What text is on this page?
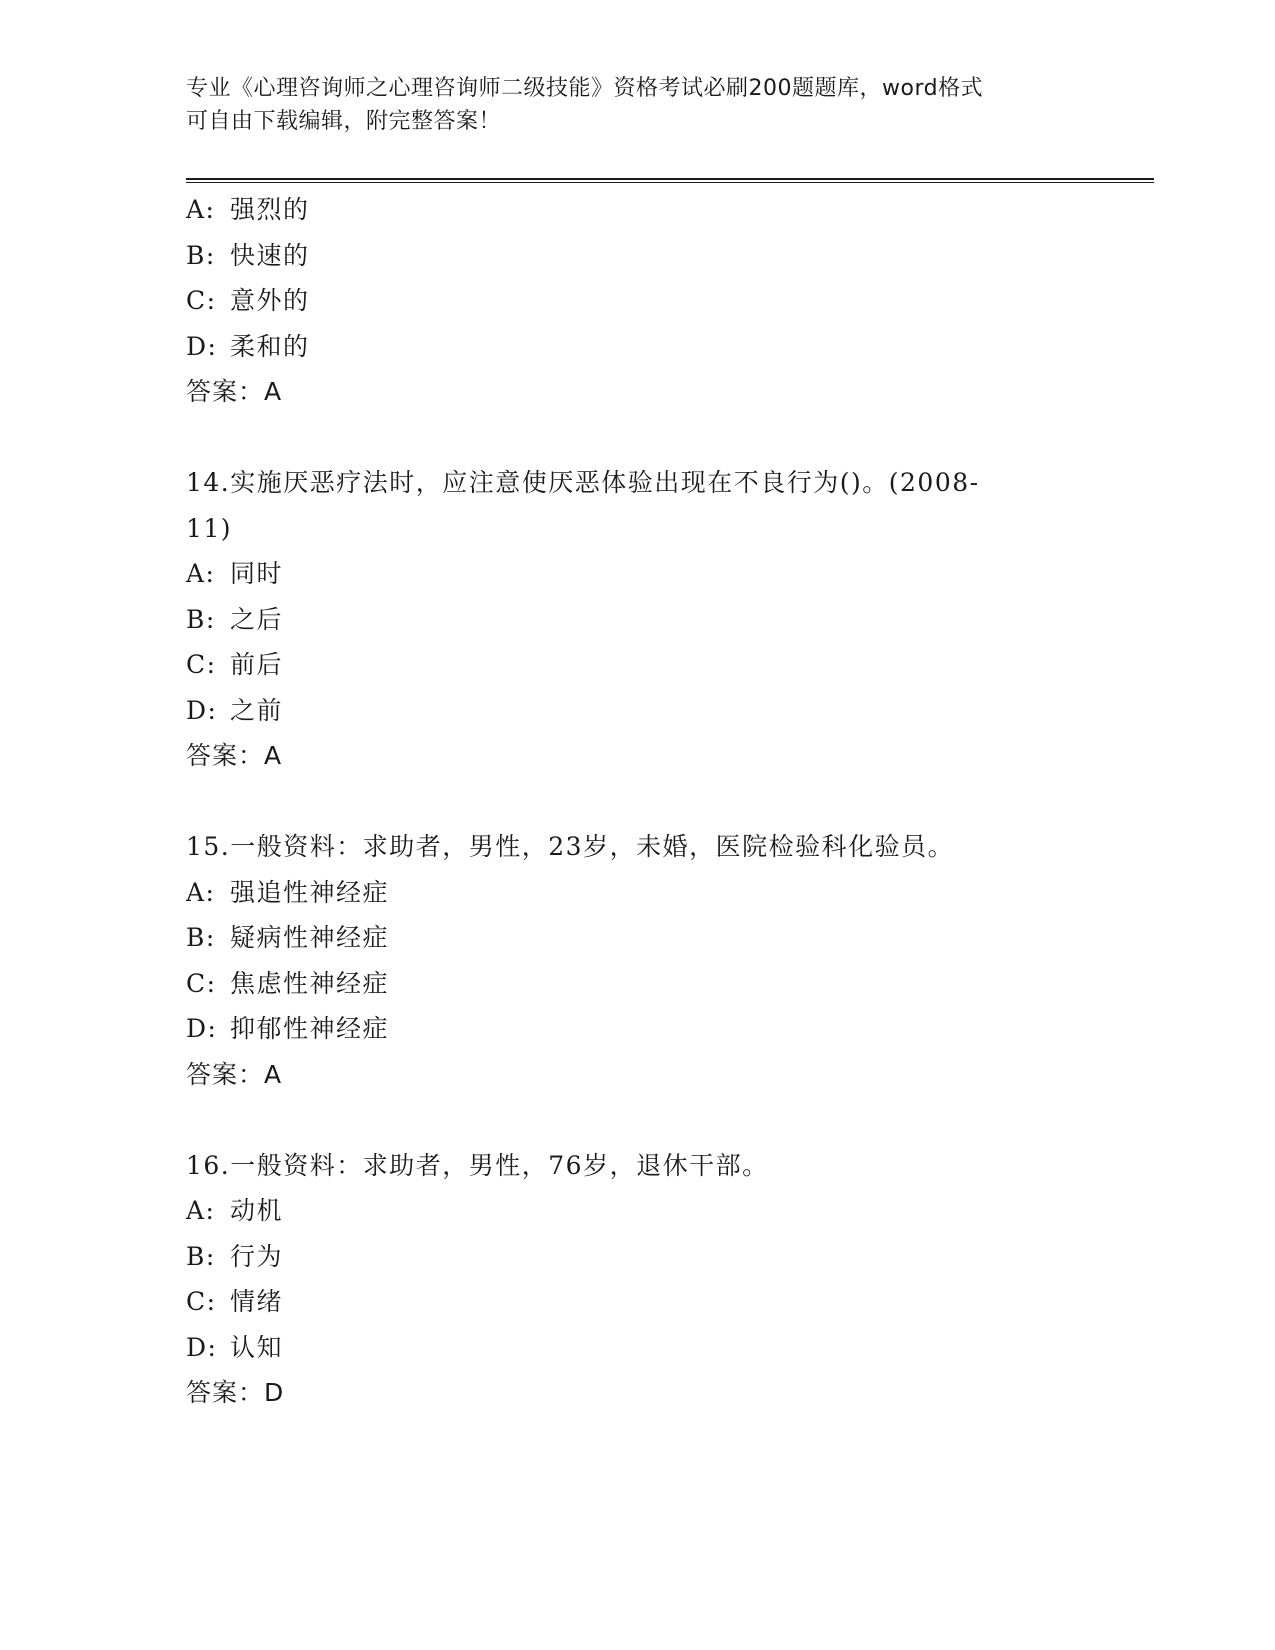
专业《心理咨询师之心理咨询师二级技能》资格考试必刷200题题库，word格式
可自由下载编辑，附完整答案！
A: 强烈的
B: 快速的
C: 意外的
D: 柔和的
答案：A
14.实施厌恶疗法时，应注意使厌恶体验出现在不良行为()。(2008-
11)
A: 同时
B: 之后
C: 前后
D: 之前
答案：A
15.一般资料：求助者，男性，23岁，未婚，医院检验科化验员。
A: 强追性神经症
B: 疑病性神经症
C: 焦虑性神经症
D: 抑郁性神经症
答案：A
16.一般资料：求助者，男性，76岁，退休干部。
A: 动机
B: 行为
C: 情绪
D: 认知
答案：D
